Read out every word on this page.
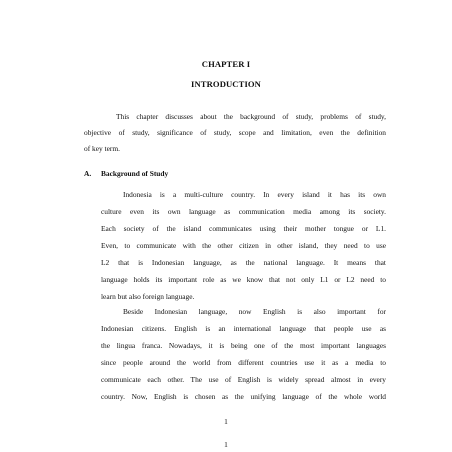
CHAPTER I
INTRODUCTION
This chapter discusses about the background of study, problems of study,
objective of study, significance of study, scope and limitation, even the definition
of key term.
A. Background of Study
Indonesia is a multi-culture country. In every island it has its own
culture even its own language as communication media among its society.
Each society of the island communicates using their mother tongue or L1.
Even, to communicate with the other citizen in other island, they need to use
L2 that is Indonesian language, as the national language. It means that
language holds its important role as we know that not only L1 or L2 need to
learn but also foreign language.
Beside Indonesian language, now English is also important for
Indonesian citizens. English is an international language that people use as
the lingua franca. Nowadays, it is being one of the most important languages
since people around the world from different countries use it as a media to
communicate each other. The use of English is widely spread almost in every
country. Now, English is chosen as the unifying language of the whole world
1
1
